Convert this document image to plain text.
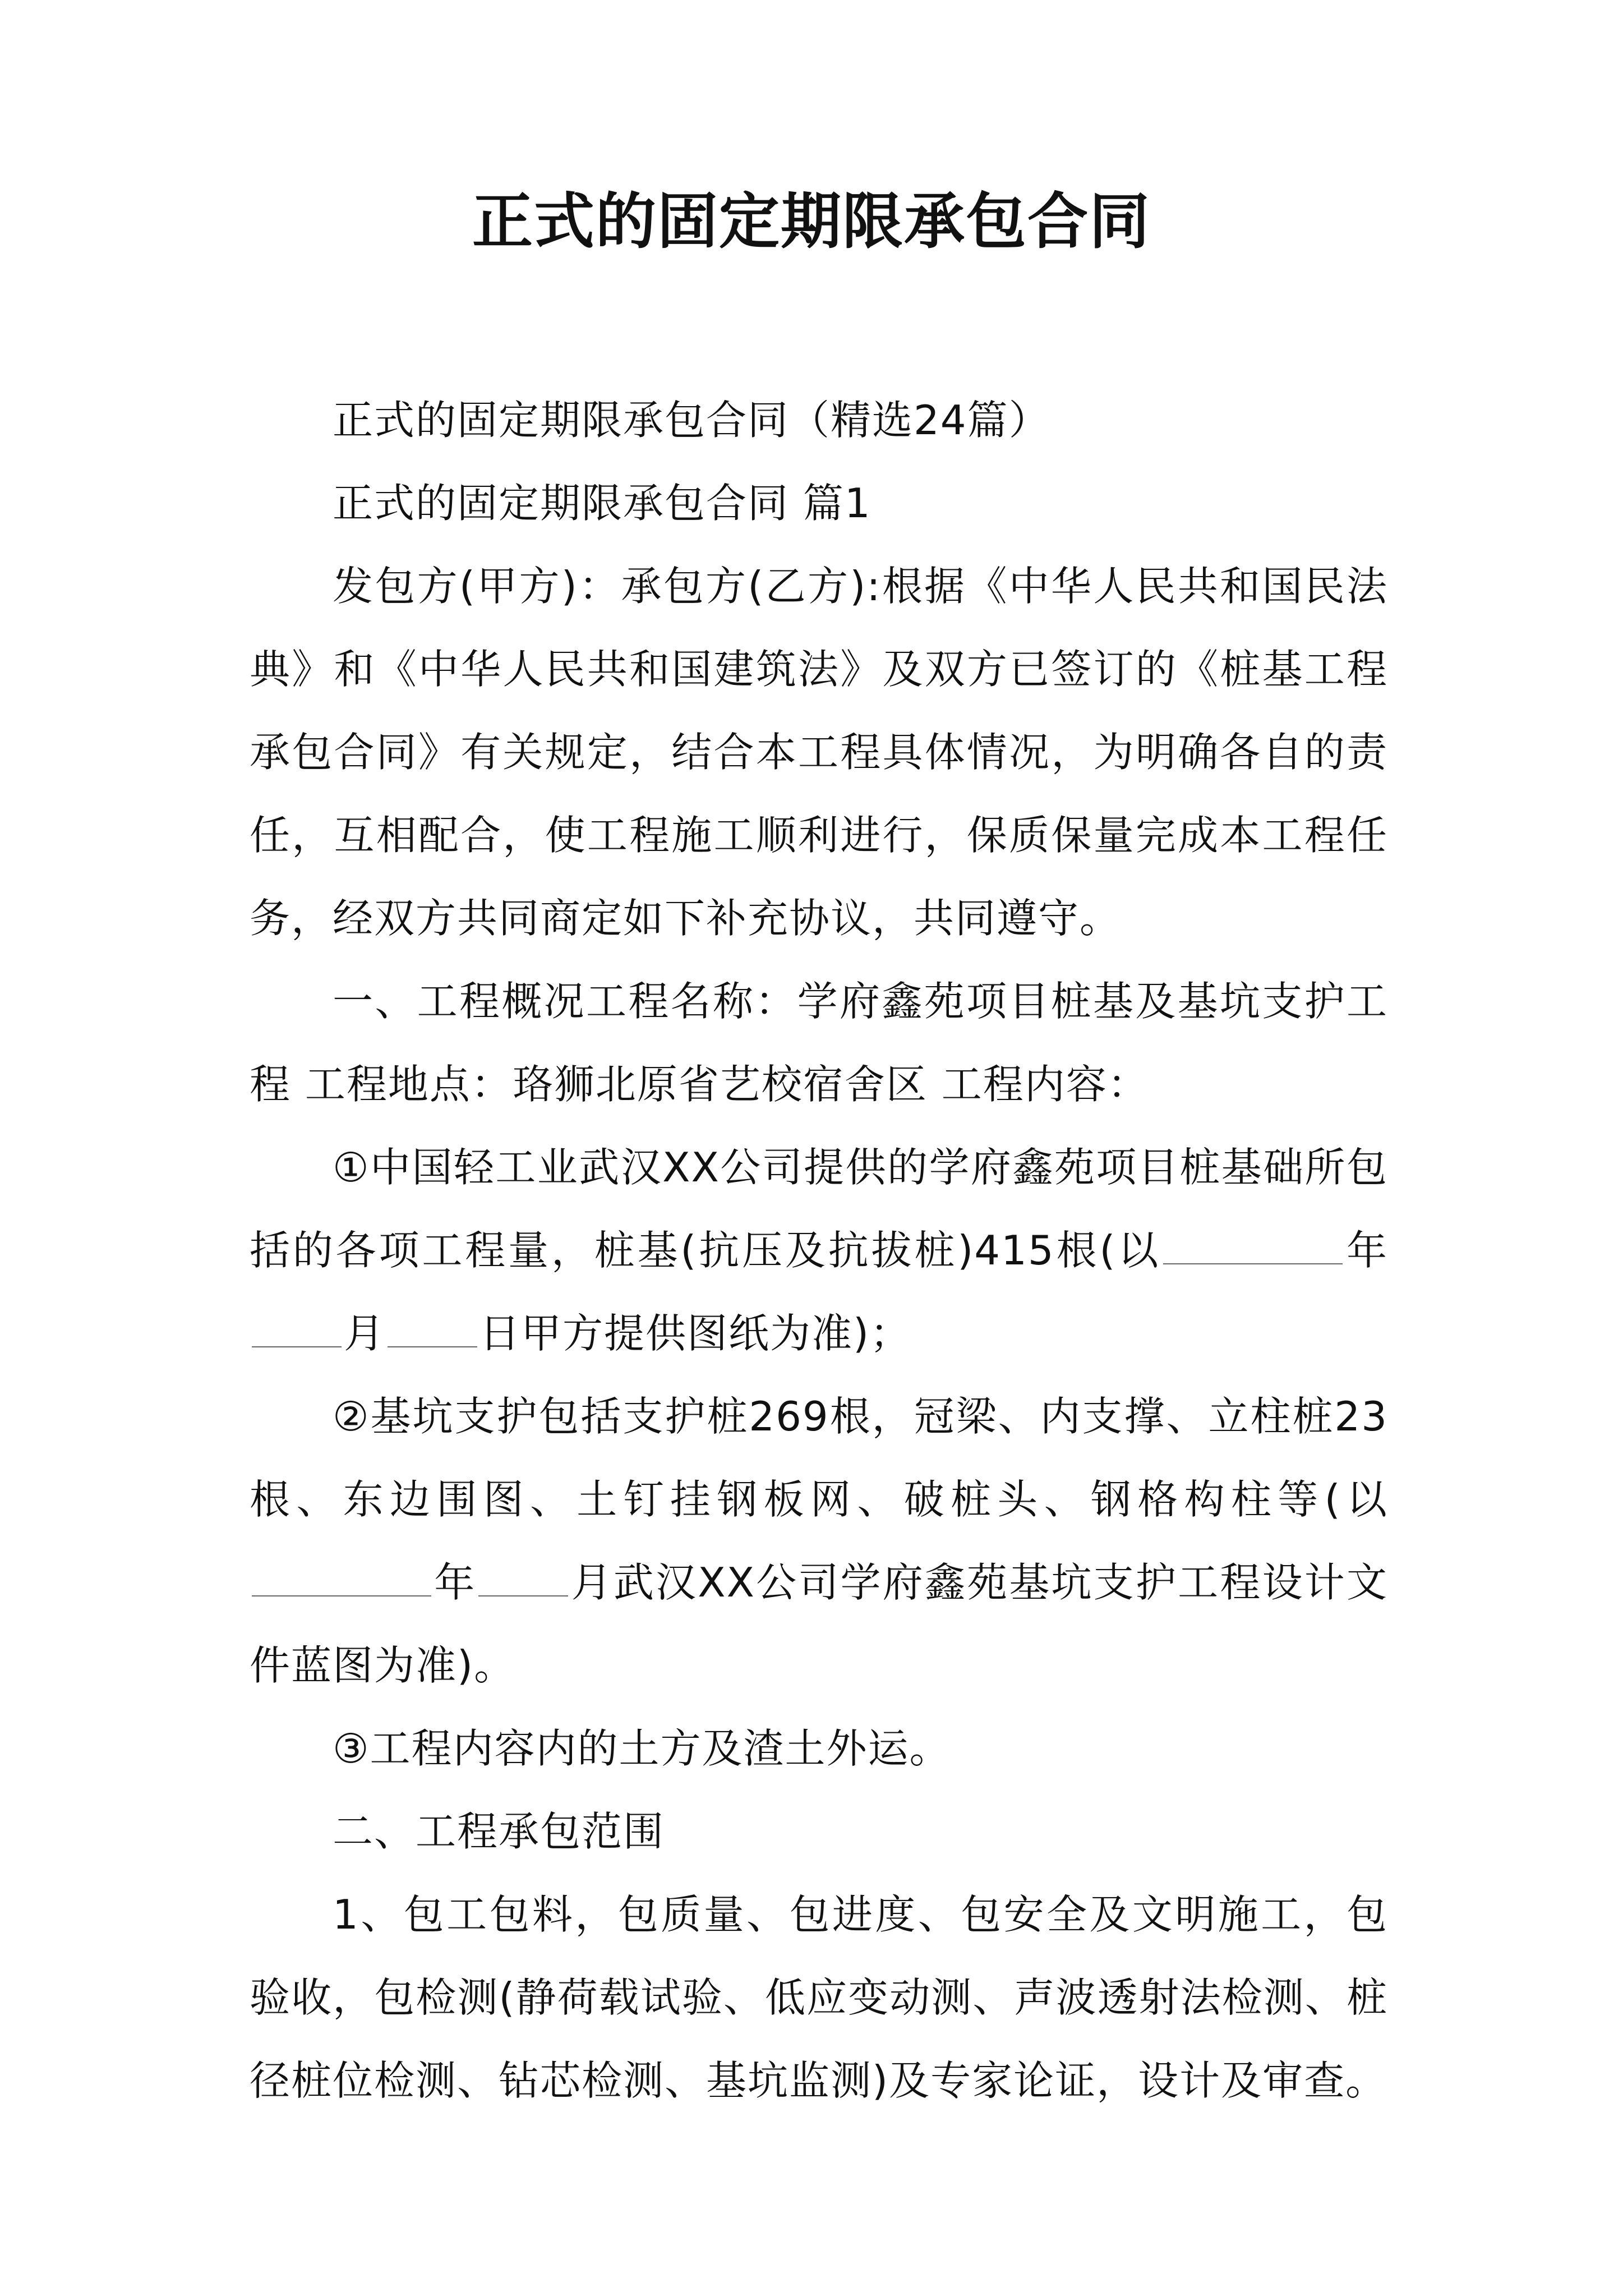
正式的固定期限承包合同

正式的固定期限承包合同（精选24篇）

正式的固定期限承包合同 篇1

发包方(甲方)：承包方(乙方):根据《中华人民共和国民法典》和《中华人民共和国建筑法》及双方已签订的《桩基工程承包合同》有关规定，结合本工程具体情况，为明确各自的责任，互相配合，使工程施工顺利进行，保质保量完成本工程任务，经双方共同商定如下补充协议，共同遵守。

一、工程概况工程名称：学府鑫苑项目桩基及基坑支护工程 工程地点：珞狮北原省艺校宿舍区 工程内容：

①中国轻工业武汉XX公司提供的学府鑫苑项目桩基础所包括的各项工程量，桩基(抗压及抗拔桩)415根(以	年月 日甲方提供图纸为准)；

②基坑支护包括支护桩269根，冠梁、内支撑、立柱桩23根、东边围图、土钉挂钢板网、破桩头、钢格构柱等(以年 月武汉XX公司学府鑫苑基坑支护工程设计文件蓝图为准)。

③工程内容内的土方及渣土外运。

二、工程承包范围

1、包工包料，包质量、包进度、包安全及文明施工，包验收，包检测(静荷载试验、低应变动测、声波透射法检测、桩径桩位检测、钻芯检测、基坑监测)及专家论证，设计及审查。
